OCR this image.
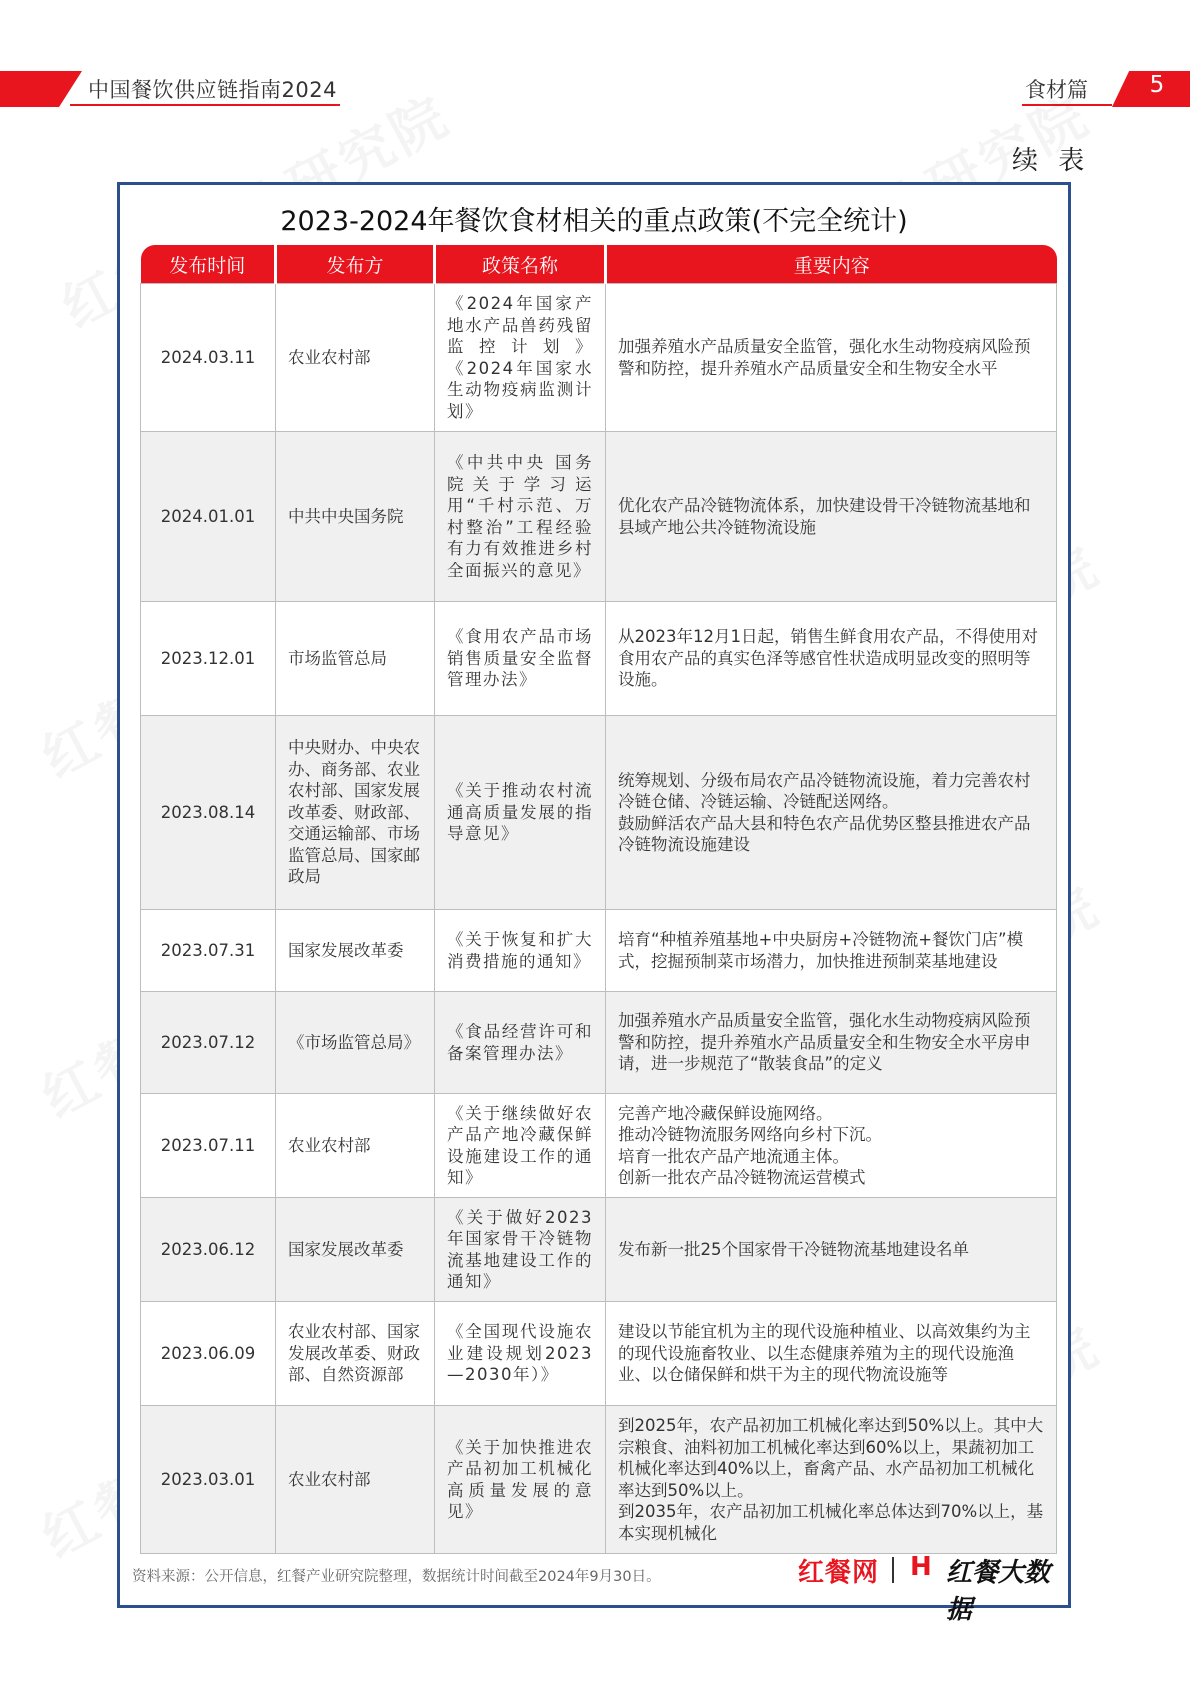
中国餐饮供应链指南2024	食材篇	5
续 表
2023-2024年餐饮食材相关的重点政策(不完全统计)
发布时间	发布方	政策名称	重要内容
2024.03.11	农业农村部	《2024年国家产地水产品兽药残留监控计划》《2024年国家水生动物疫病监测计划》	加强养殖水产品质量安全监管，强化水生动物疫病风险预警和防控，提升养殖水产品质量安全和生物安全水平
2024.01.01	中共中央国务院	《中共中央 国务院关于学习运用“千村示范、万村整治”工程经验有力有效推进乡村全面振兴的意见》	优化农产品冷链物流体系，加快建设骨干冷链物流基地和县域产地公共冷链物流设施
2023.12.01	市场监管总局	《食用农产品市场销售质量安全监督管理办法》	从2023年12月1日起，销售生鲜食用农产品，不得使用对食用农产品的真实色泽等感官性状造成明显改变的照明等设施。
2023.08.14	中央财办、中央农办、商务部、农业农村部、国家发展改革委、财政部、交通运输部、市场监管总局、国家邮政局	《关于推动农村流通高质量发展的指导意见》	统筹规划、分级布局农产品冷链物流设施，着力完善农村冷链仓储、冷链运输、冷链配送网络。
鼓励鲜活农产品大县和特色农产品优势区整县推进农产品冷链物流设施建设
2023.07.31	国家发展改革委	《关于恢复和扩大消费措施的通知》	培育“种植养殖基地+中央厨房+冷链物流+餐饮门店”模式，挖掘预制菜市场潜力，加快推进预制菜基地建设
2023.07.12	《市场监管总局》	《食品经营许可和备案管理办法》	加强养殖水产品质量安全监管，强化水生动物疫病风险预警和防控，提升养殖水产品质量安全和生物安全水平房申请，进一步规范了“散装食品”的定义
2023.07.11	农业农村部	《关于继续做好农产品产地冷藏保鲜设施建设工作的通知》	完善产地冷藏保鲜设施网络。
推动冷链物流服务网络向乡村下沉。
培育一批农产品产地流通主体。
创新一批农产品冷链物流运营模式
2023.06.12	国家发展改革委	《关于做好2023年国家骨干冷链物流基地建设工作的通知》	发布新一批25个国家骨干冷链物流基地建设名单
2023.06.09	农业农村部、国家发展改革委、财政部、自然资源部	《全国现代设施农业建设规划2023—2030年）》	建设以节能宜机为主的现代设施种植业、以高效集约为主的现代设施畜牧业、以生态健康养殖为主的现代设施渔业、以仓储保鲜和烘干为主的现代物流设施等
2023.03.01	农业农村部	《关于加快推进农产品初加工机械化高质量发展的意见》	到2025年，农产品初加工机械化率达到50%以上。其中大宗粮食、油料初加工机械化率达到60%以上，果蔬初加工机械化率达到40%以上，畜禽产品、水产品初加工机械化率达到50%以上。
到2035年，农产品初加工机械化率总体达到70%以上，基本实现机械化
资料来源：公开信息，红餐产业研究院整理，数据统计时间截至2024年9月30日。	红餐网 H 红餐大数据
